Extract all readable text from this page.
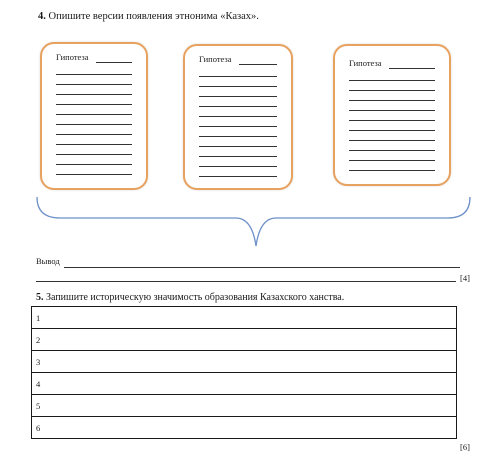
4. Опишите версии появления этнонима «Казах».
Гипотеза	Гипотеза	Гипотеза
Вывод
[4]
5. Запишите историческую значимость образования Казахского ханства.
1
2
3
4
5
6
[6]
